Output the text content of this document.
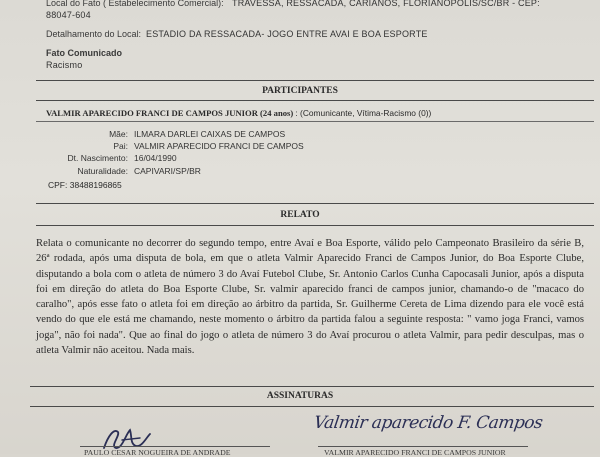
Local do Fato ( Estabelecimento Comercial): TRAVESSA, RESSACADA, CARIANOS, FLORIANOPOLIS/SC/BR - CEP:
88047-604
Detalhamento do Local: ESTADIO DA RESSACADA- JOGO ENTRE AVAI E BOA ESPORTE
Fato Comunicado
Racismo
PARTICIPANTES
VALMIR APARECIDO FRANCI DE CAMPOS JUNIOR (24 anos) : (Comunicante, Vítima-Racismo (0))
Mãe: ILMARA DARLEI CAIXAS DE CAMPOS
Pai: VALMIR APARECIDO FRANCI DE CAMPOS
Dt. Nascimento: 16/04/1990
Naturalidade: CAPIVARI/SP/BR
CPF: 38488196865
RELATO
Relata o comunicante no decorrer do segundo tempo, entre Avaí e Boa Esporte, válido pelo Campeonato Brasileiro da série B, 26ª rodada, após uma disputa de bola, em que o atleta Valmir Aparecido Franci de Campos Junior, do Boa Esporte Clube, disputando a bola com o atleta de número 3 do Avaí Futebol Clube, Sr. Antonio Carlos Cunha Capocasali Junior, após a disputa foi em direção do atleta do Boa Esporte Clube, Sr. valmir aparecido franci de campos junior, chamando-o de "macaco do caralho", após esse fato o atleta foi em direção ao árbitro da partida, Sr. Guilherme Cereta de Lima dizendo para ele você está vendo do que ele está me chamando, neste momento o árbitro da partida falou a seguinte resposta: " vamo joga Franci, vamos joga", não foi nada". Que ao final do jogo o atleta de número 3 do Avaí procurou o atleta Valmir, para pedir desculpas, mas o atleta Valmir não aceitou. Nada mais.
ASSINATURAS
Valmir aparecido F. Campos
PAULO CESAR NOGUEIRA DE ANDRADE	VALMIR APARECIDO FRANCI DE CAMPOS JUNIOR
